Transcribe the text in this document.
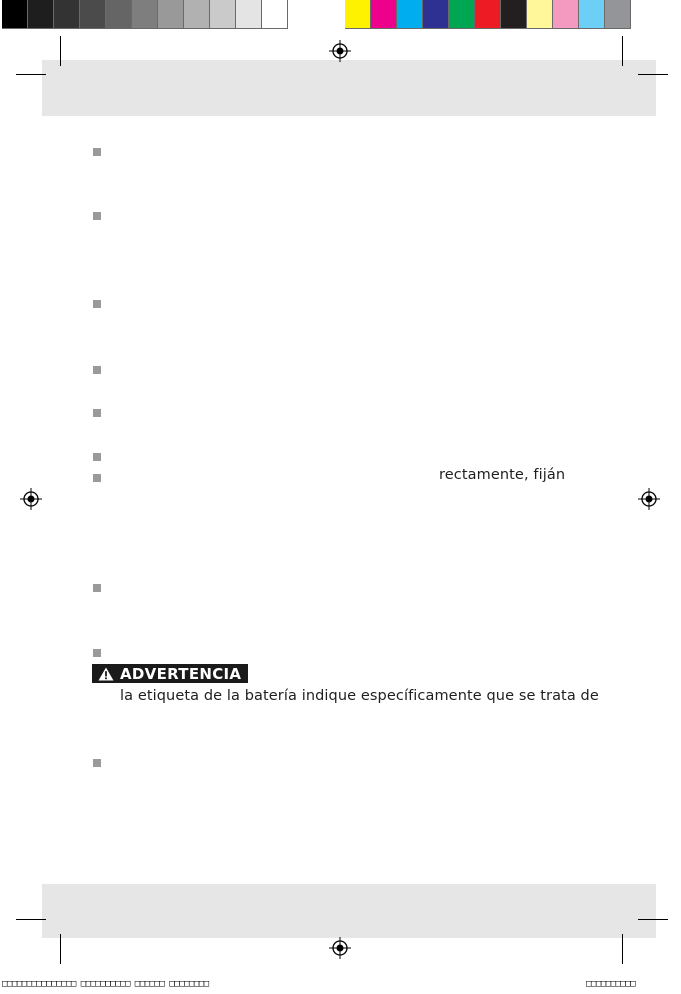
rectamente, fiján
ADVERTENCIA
la etiqueta de la batería indique específicamente que se trata de
□□□□□□□□□□□□□□□ □□□□□□□□□□ □□□□□□ □□□□□□□□	□□□□□□□□□□
